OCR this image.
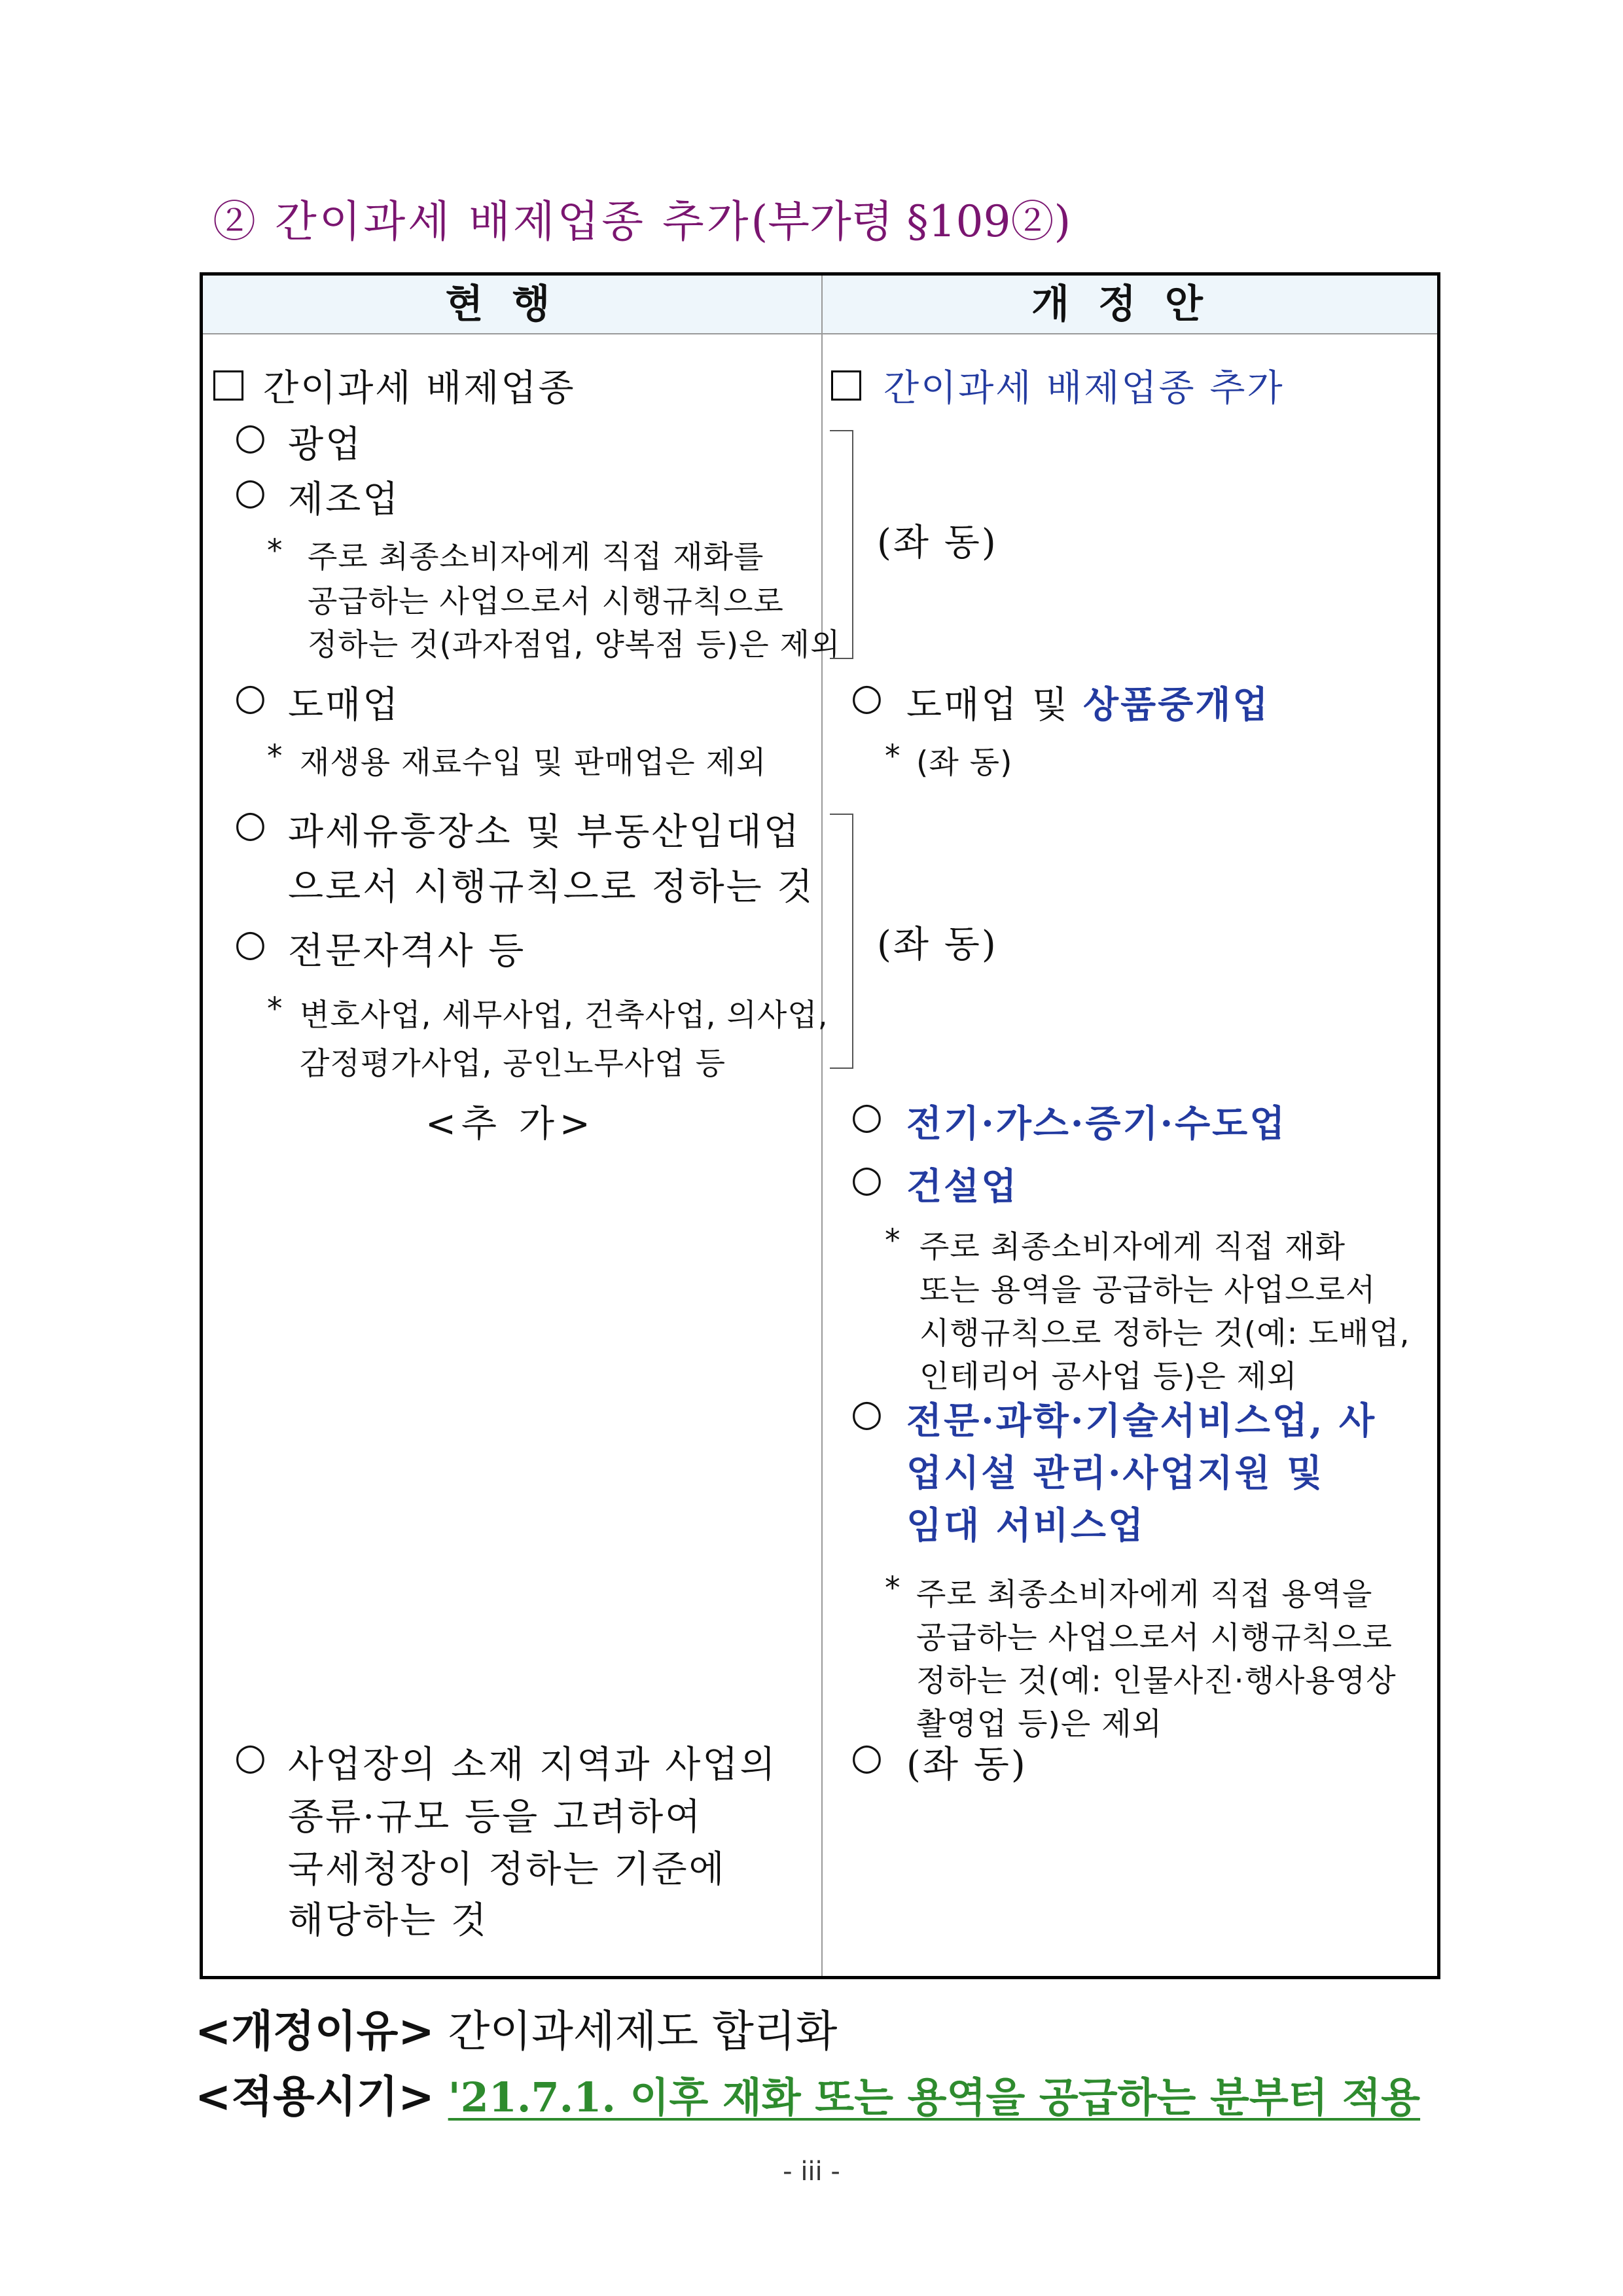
② 간이과세 배제업종 추가(부가령 §109②)
현행	개정안
간이과세 배제업종
○ 광업
○ 제조업
* 주로 최종소비자에게 직접 재화를
공급하는 사업으로서 시행규칙으로
정하는 것(과자점업, 양복점 등)은 제외
○ 도매업
* 재생용 재료수입 및 판매업은 제외
○ 과세유흥장소 및 부동산임대업
으로서 시행규칙으로 정하는 것
○ 전문자격사 등
* 변호사업, 세무사업, 건축사업, 의사업,
감정평가사업, 공인노무사업 등
<추 가>
○ 사업장의 소재 지역과 사업의
종류·규모 등을 고려하여
국세청장이 정하는 기준에
해당하는 것
간이과세 배제업종 추가
(좌 동)
○ 도매업 및 상품중개업
* (좌 동)
(좌 동)
○ 전기·가스·증기·수도업
○ 건설업
* 주로 최종소비자에게 직접 재화
또는 용역을 공급하는 사업으로서
시행규칙으로 정하는 것(예: 도배업,
인테리어 공사업 등)은 제외
○ 전문·과학·기술서비스업, 사
업시설 관리·사업지원 및
임대 서비스업
* 주로 최종소비자에게 직접 용역을
공급하는 사업으로서 시행규칙으로
정하는 것(예: 인물사진·행사용영상
촬영업 등)은 제외
○ (좌 동)
<개정이유> 간이과세제도 합리화
<적용시기> '21.7.1. 이후 재화 또는 용역을 공급하는 분부터 적용
- iii -
